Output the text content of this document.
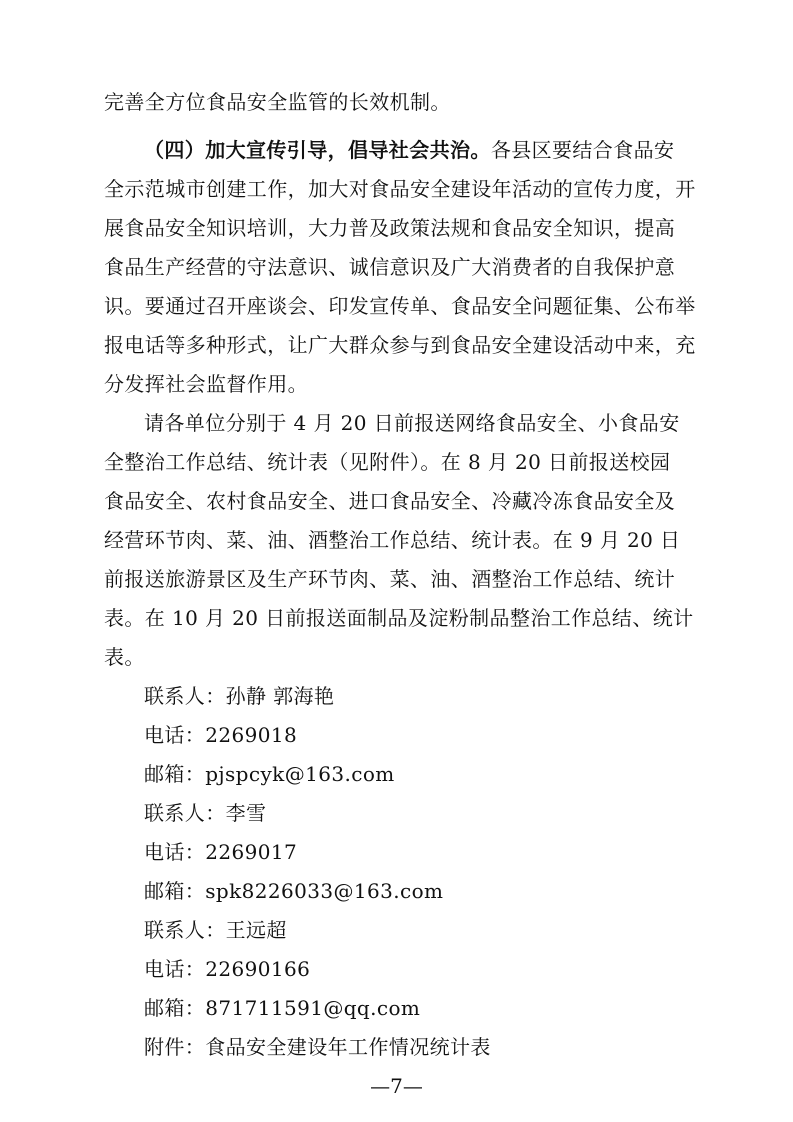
完善全方位食品安全监管的长效机制。
（四）加大宣传引导，倡导社会共治。各县区要结合食品安
全示范城市创建工作，加大对食品安全建设年活动的宣传力度，开
展食品安全知识培训，大力普及政策法规和食品安全知识，提高
食品生产经营的守法意识、诚信意识及广大消费者的自我保护意
识。要通过召开座谈会、印发宣传单、食品安全问题征集、公布举
报电话等多种形式，让广大群众参与到食品安全建设活动中来，充
分发挥社会监督作用。
请各单位分别于 4 月 20 日前报送网络食品安全、小食品安
全整治工作总结、统计表（见附件）。在 8 月 20 日前报送校园
食品安全、农村食品安全、进口食品安全、冷藏冷冻食品安全及
经营环节肉、菜、油、酒整治工作总结、统计表。在 9 月 20 日
前报送旅游景区及生产环节肉、菜、油、酒整治工作总结、统计
表。在 10 月 20 日前报送面制品及淀粉制品整治工作总结、统计
表。
联系人：孙静 郭海艳
电话：2269018
邮箱：pjspcyk@163.com
联系人：李雪
电话：2269017
邮箱：spk8226033@163.com
联系人：王远超
电话：22690166
邮箱：871711591@qq.com
附件：食品安全建设年工作情况统计表
—7—
